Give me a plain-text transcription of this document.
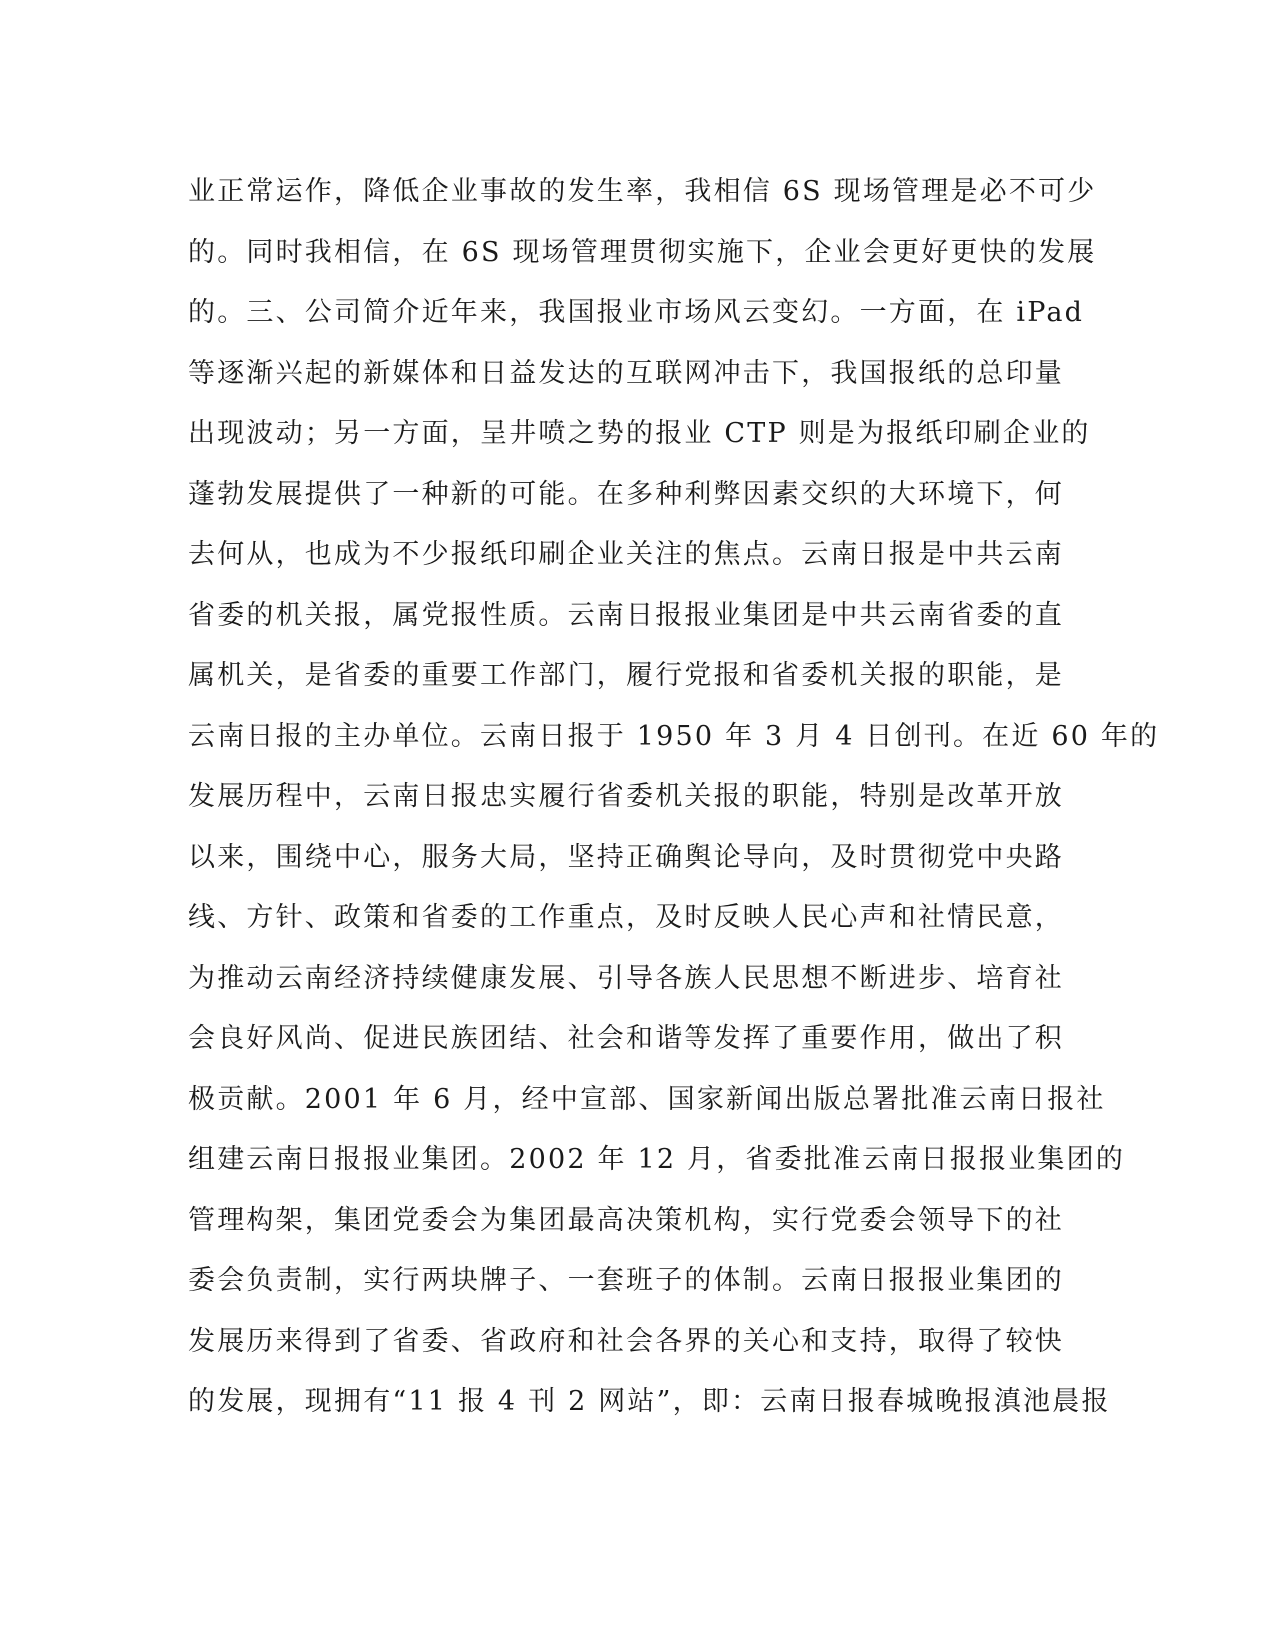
业正常运作，降低企业事故的发生率，我相信 6S 现场管理是必不可少
的。同时我相信，在 6S 现场管理贯彻实施下，企业会更好更快的发展
的。三、公司简介近年来，我国报业市场风云变幻。一方面，在 iPad
等逐渐兴起的新媒体和日益发达的互联网冲击下，我国报纸的总印量
出现波动；另一方面，呈井喷之势的报业 CTP 则是为报纸印刷企业的
蓬勃发展提供了一种新的可能。在多种利弊因素交织的大环境下，何
去何从，也成为不少报纸印刷企业关注的焦点。云南日报是中共云南
省委的机关报，属党报性质。云南日报报业集团是中共云南省委的直
属机关，是省委的重要工作部门，履行党报和省委机关报的职能，是
云南日报的主办单位。云南日报于 1950 年 3 月 4 日创刊。在近 60 年的
发展历程中，云南日报忠实履行省委机关报的职能，特别是改革开放
以来，围绕中心，服务大局，坚持正确舆论导向，及时贯彻党中央路
线、方针、政策和省委的工作重点，及时反映人民心声和社情民意，
为推动云南经济持续健康发展、引导各族人民思想不断进步、培育社
会良好风尚、促进民族团结、社会和谐等发挥了重要作用，做出了积
极贡献。2001 年 6 月，经中宣部、国家新闻出版总署批准云南日报社
组建云南日报报业集团。2002 年 12 月，省委批准云南日报报业集团的
管理构架，集团党委会为集团最高决策机构，实行党委会领导下的社
委会负责制，实行两块牌子、一套班子的体制。云南日报报业集团的
发展历来得到了省委、省政府和社会各界的关心和支持，取得了较快
的发展，现拥有“11 报 4 刊 2 网站”，即：云南日报春城晚报滇池晨报
